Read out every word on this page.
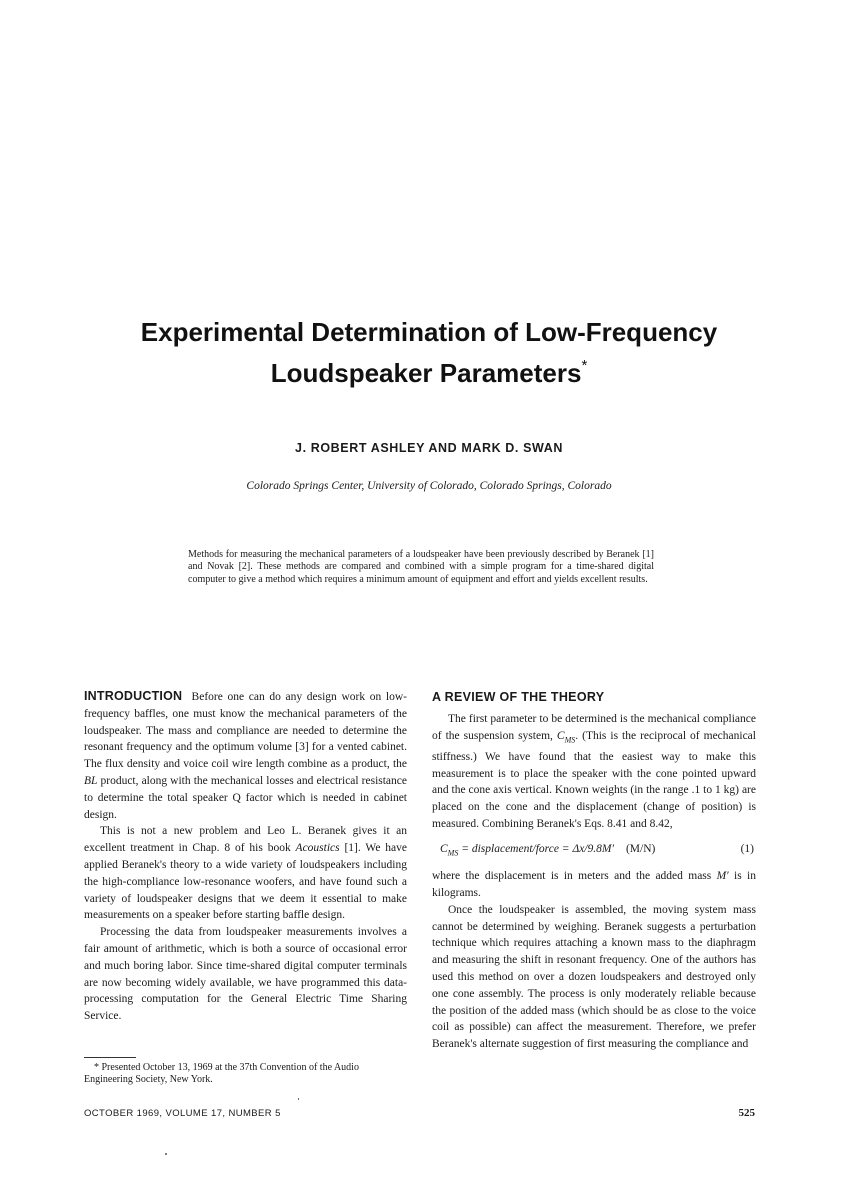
Experimental Determination of Low-Frequency
Loudspeaker Parameters*
J. ROBERT ASHLEY AND MARK D. SWAN
Colorado Springs Center, University of Colorado, Colorado Springs, Colorado
Methods for measuring the mechanical parameters of a loudspeaker have been previously described by Beranek [1] and Novak [2]. These methods are compared and combined with a simple program for a time-shared digital computer to give a method which requires a minimum amount of equipment and effort and yields excellent results.

INTRODUCTION Before one can do any design work on low-frequency baffles, one must know the mechanical parameters of the loudspeaker. The mass and compliance are needed to determine the resonant frequency and the optimum volume [3] for a vented cabinet. The flux density and voice coil wire length combine as a product, the BL product, along with the mechanical losses and electrical resistance to determine the total speaker Q factor which is needed in cabinet design.

This is not a new problem and Leo L. Beranek gives it an excellent treatment in Chap. 8 of his book Acoustics [1]. We have applied Beranek's theory to a wide variety of loudspeakers including the high-compliance low-resonance woofers, and have found such a variety of loudspeaker designs that we deem it essential to make measurements on a speaker before starting baffle design.

Processing the data from loudspeaker measurements involves a fair amount of arithmetic, which is both a source of occasional error and much boring labor. Since time-shared digital computer terminals are now becoming widely available, we have programmed this data-processing computation for the General Electric Time Sharing Service.

A REVIEW OF THE THEORY

The first parameter to be determined is the mechanical compliance of the suspension system, $C_{MS}$. (This is the reciprocal of mechanical stiffness.) We have found that the easiest way to make this measurement is to place the speaker with the cone pointed upward and the cone axis vertical. Known weights (in the range .1 to 1 kg) are placed on the cone and the displacement (change of position) is measured. Combining Beranek's Eqs. 8.41 and 8.42,

$C_{MS}$ = displacement/force = Δx/9.8M′ (M/N)	(1)

where the displacement is in meters and the added mass M′ is in kilograms.

Once the loudspeaker is assembled, the moving system mass cannot be determined by weighing. Beranek suggests a perturbation technique which requires attaching a known mass to the diaphragm and measuring the shift in resonant frequency. One of the authors has used this method on over a dozen loudspeakers and destroyed only one cone assembly. The process is only moderately reliable because the position of the added mass (which should be as close to the voice coil as possible) can affect the measurement. Therefore, we prefer Beranek's alternate suggestion of first measuring the compliance and

* Presented October 13, 1969 at the 37th Convention of the Audio Engineering Society, New York.
OCTOBER 1969, VOLUME 17, NUMBER 5	525
